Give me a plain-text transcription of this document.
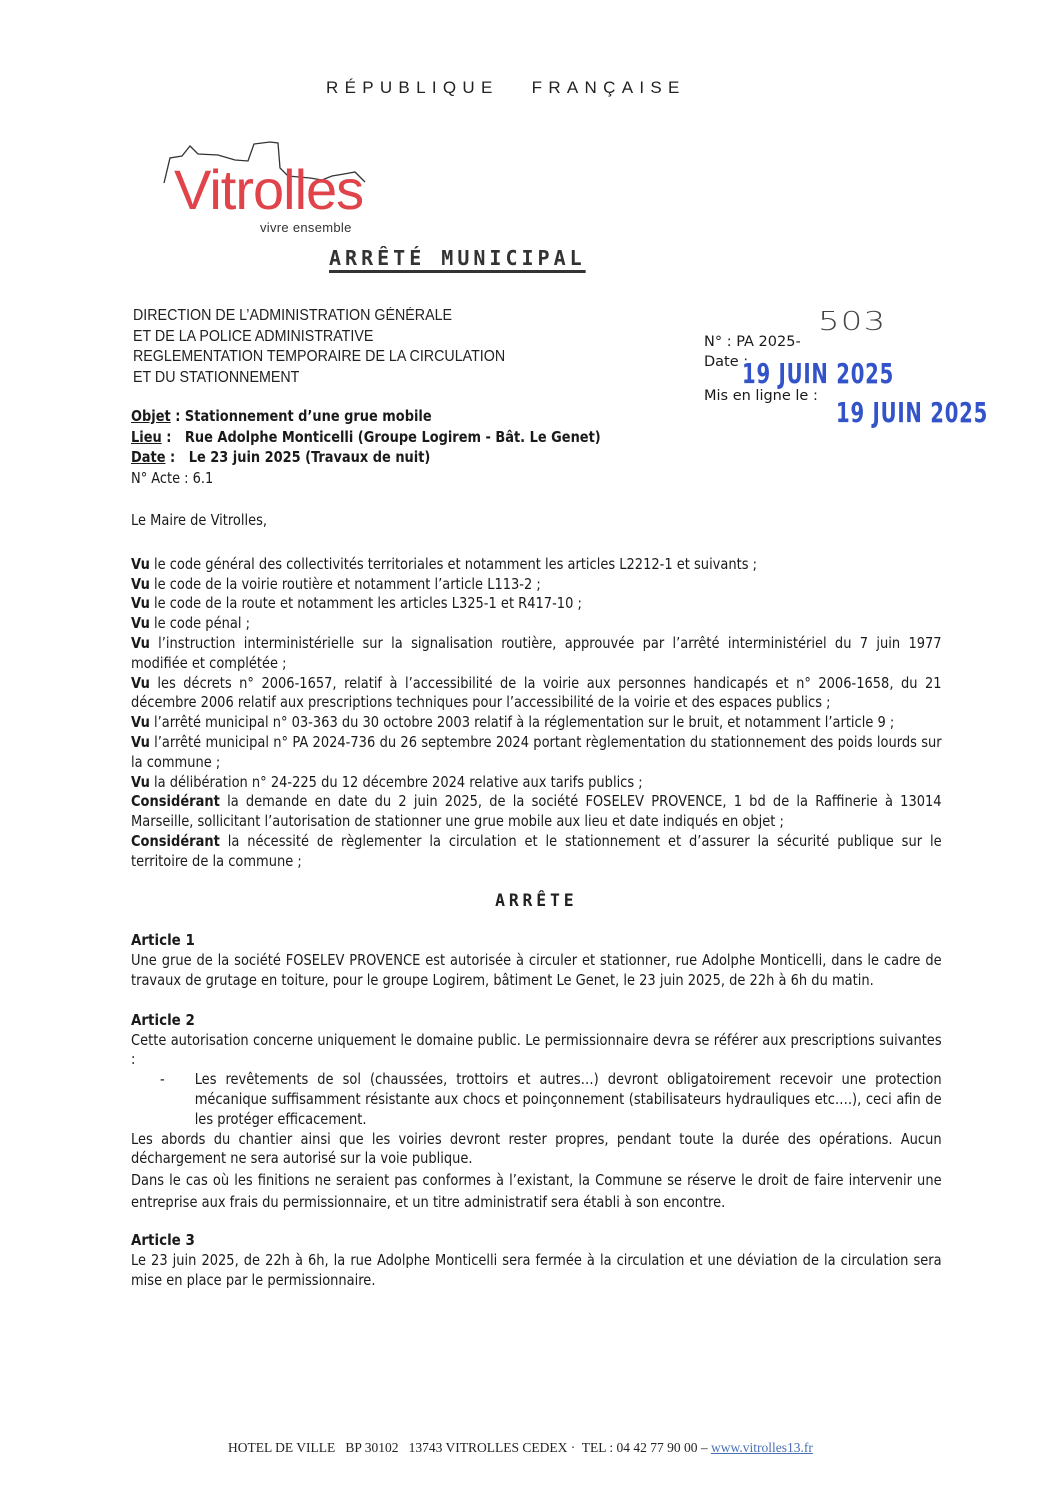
RÉPUBLIQUE   FRANÇAISE
Vitrolles
vivre ensemble
ARRÊTÉ MUNICIPAL
DIRECTION DE L’ADMINISTRATION GÉNÉRALE
ET DE LA POLICE ADMINISTRATIVE
REGLEMENTATION TEMPORAIRE DE LA CIRCULATION
ET DU STATIONNEMENT
N° : PA 2025-
Date :
Mis en ligne le :
503
19 JUIN 2025
19 JUIN 2025
Objet : Stationnement d’une grue mobile
Lieu :   Rue Adolphe Monticelli (Groupe Logirem - Bât. Le Genet)
Date :   Le 23 juin 2025 (Travaux de nuit)
N° Acte : 6.1

Le Maire de Vitrolles,

Vu le code général des collectivités territoriales et notamment les articles L2212-1 et suivants ;

Vu le code de la voirie routière et notamment l’article L113-2 ;

Vu le code de la route et notamment les articles L325-1 et R417-10 ;

Vu le code pénal ;

Vu l’instruction interministérielle sur la signalisation routière, approuvée par l’arrêté interministériel du 7 juin 1977 modifiée et complétée ;

Vu les décrets n° 2006-1657, relatif à l’accessibilité de la voirie aux personnes handicapés et n° 2006-1658, du 21 décembre 2006 relatif aux prescriptions techniques pour l’accessibilité de la voirie et des espaces publics ;

Vu l’arrêté municipal n° 03-363 du 30 octobre 2003 relatif à la réglementation sur le bruit, et notamment l’article 9 ;

Vu l’arrêté municipal n° PA 2024-736 du 26 septembre 2024 portant règlementation du stationnement des poids lourds sur la commune ;

Vu la délibération n° 24-225 du 12 décembre 2024 relative aux tarifs publics ;

Considérant la demande en date du 2 juin 2025, de la société FOSELEV PROVENCE, 1 bd de la Raffinerie à 13014 Marseille, sollicitant l’autorisation de stationner une grue mobile aux lieu et date indiqués en objet ;

Considérant la nécessité de règlementer la circulation et le stationnement et d’assurer la sécurité publique sur le territoire de la commune ;

ARRÊTE

Article 1

Une grue de la société FOSELEV PROVENCE est autorisée à circuler et stationner, rue Adolphe Monticelli, dans le cadre de travaux de grutage en toiture, pour le groupe Logirem, bâtiment Le Genet, le 23 juin 2025, de 22h à 6h du matin.

Article 2

Cette autorisation concerne uniquement le domaine public. Le permissionnaire devra se référer aux prescriptions suivantes :

-	Les revêtements de sol (chaussées, trottoirs et autres…) devront obligatoirement recevoir une protection mécanique suffisamment résistante aux chocs et poinçonnement (stabilisateurs hydrauliques etc….), ceci afin de les protéger efficacement.

Les abords du chantier ainsi que les voiries devront rester propres, pendant toute la durée des opérations. Aucun déchargement ne sera autorisé sur la voie publique.

Dans le cas où les finitions ne seraient pas conformes à l’existant, la Commune se réserve le droit de faire intervenir une entreprise aux frais du permissionnaire, et un titre administratif sera établi à son encontre.

Article 3

Le 23 juin 2025, de 22h à 6h, la rue Adolphe Monticelli sera fermée à la circulation et une déviation de la circulation sera mise en place par le permissionnaire.

HOTEL DE VILLE   BP 30102   13743 VITROLLES CEDEX ·  TEL : 04 42 77 90 00 – www.vitrolles13.fr
